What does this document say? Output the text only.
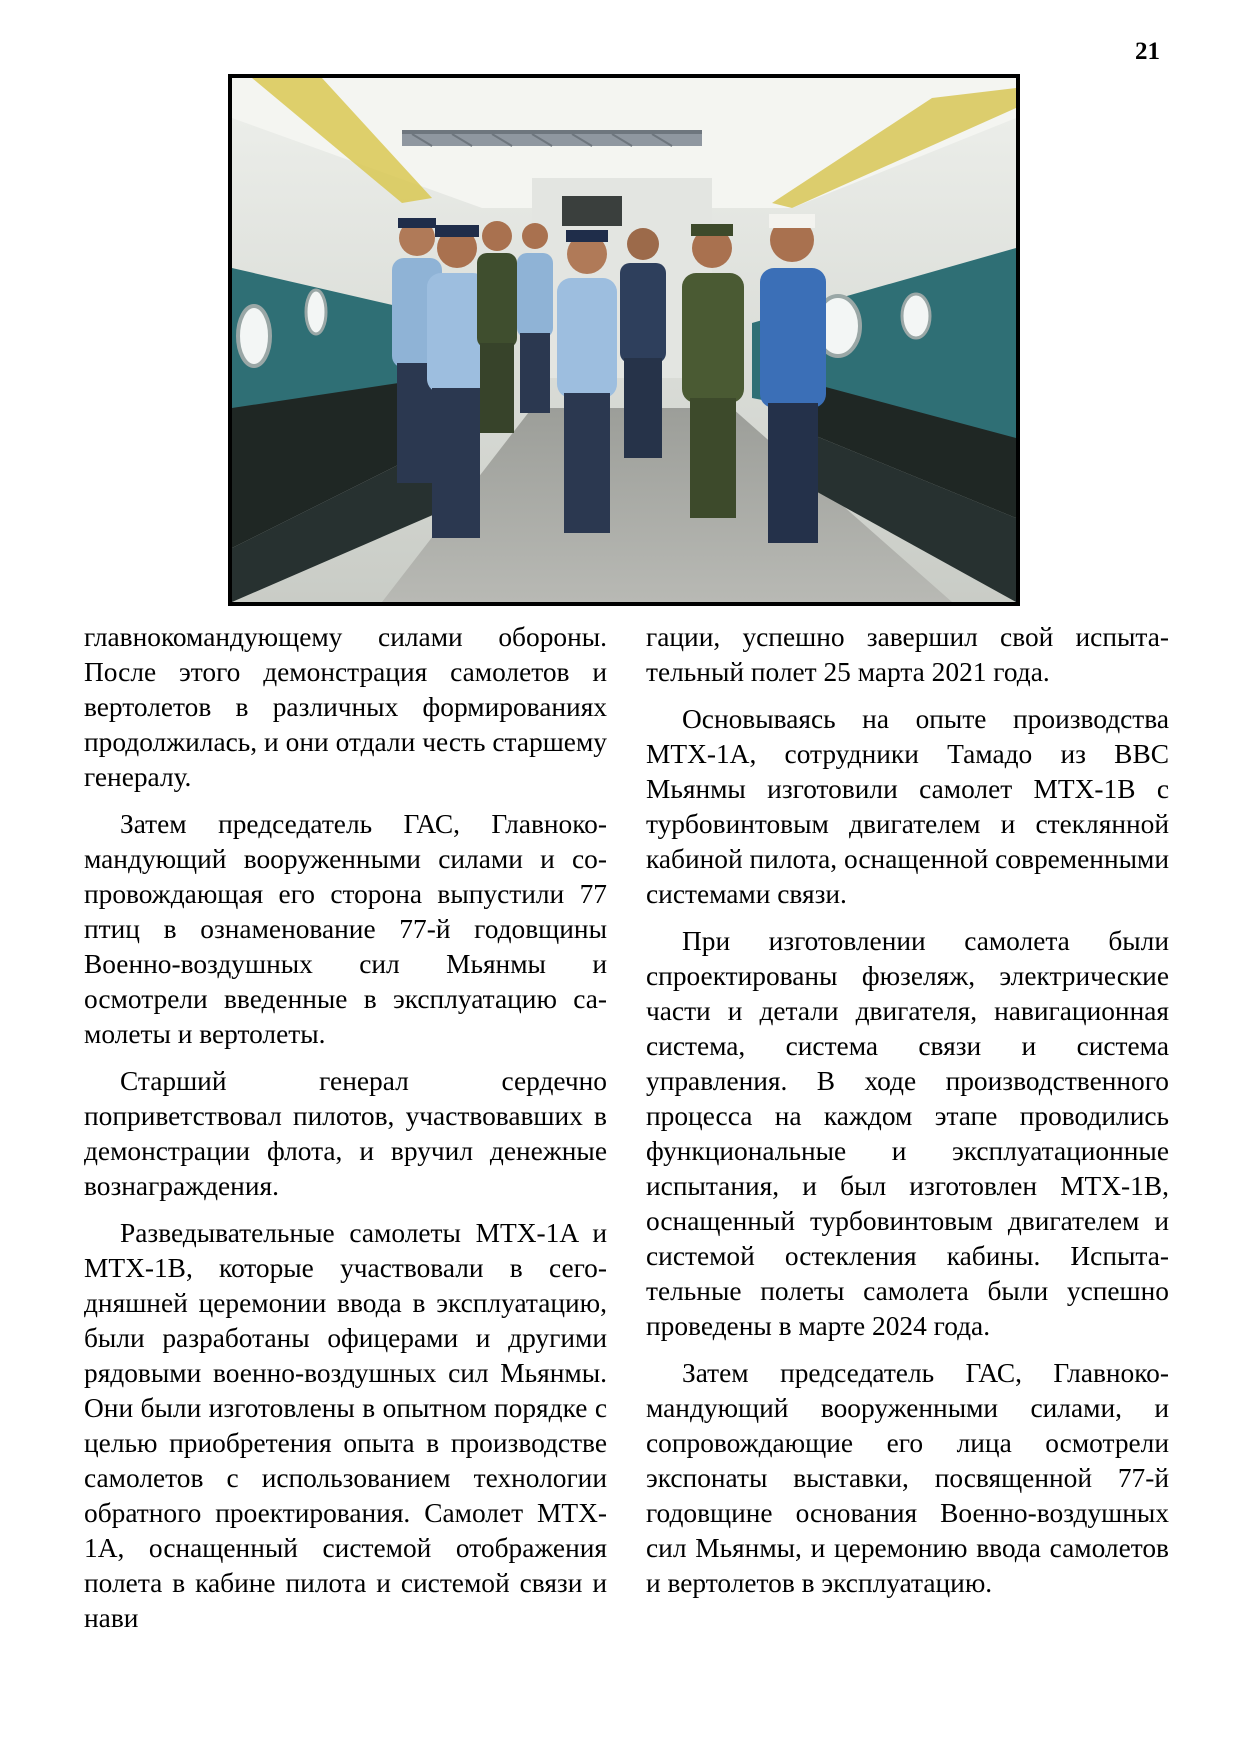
21

главнокомандующему силами обороны. После этого демонстрация самолетов и вертолетов в различных формированиях продолжилась, и они отдали честь старшему генералу.

Затем председатель ГАС, Главнокомандующий вооруженными силами и сопровождающая его сторона выпустили 77 птиц в ознаменование 77-й годовщины Военно-воздушных сил Мьянмы и осмотрели введенные в эксплуатацию самолеты и вертолеты.

Старший генерал сердечно поприветствовал пилотов, участвовавших в демонстрации флота, и вручил денежные вознаграждения.

Разведывательные самолеты MTX-1A и MTX-1B, которые участвовали в сегодняшней церемонии ввода в эксплуатацию, были разработаны офицерами и другими рядовыми военно-воздушных сил Мьянмы. Они были изготовлены в опытном порядке с целью приобретения опыта в производстве самолетов с использованием технологии обратного проектирования. Самолет MTX-1A, оснащенный системой отображения полета в кабине пилота и системой связи и нави

гации, успешно завершил свой испытательный полет 25 марта 2021 года.

Основываясь на опыте производства MTX-1A, сотрудники Тамадо из ВВС Мьянмы изготовили самолет MTX-1B с турбовинтовым двигателем и стеклянной кабиной пилота, оснащенной современными системами связи.

При изготовлении самолета были спроектированы фюзеляж, электрические части и детали двигателя, навигационная система, система связи и система управления. В ходе производственного процесса на каждом этапе проводились функциональные и эксплуатационные испытания, и был изготовлен MTX-1B, оснащенный турбовинтовым двигателем и системой остекления кабины. Испытательные полеты самолета были успешно проведены в марте 2024 года.

Затем председатель ГАС, Главнокомандующий вооруженными силами, и сопровождающие его лица осмотрели экспонаты выставки, посвященной 77-й годовщине основания Военно-воздушных сил Мьянмы, и церемонию ввода самолетов и вертолетов в эксплуатацию.
